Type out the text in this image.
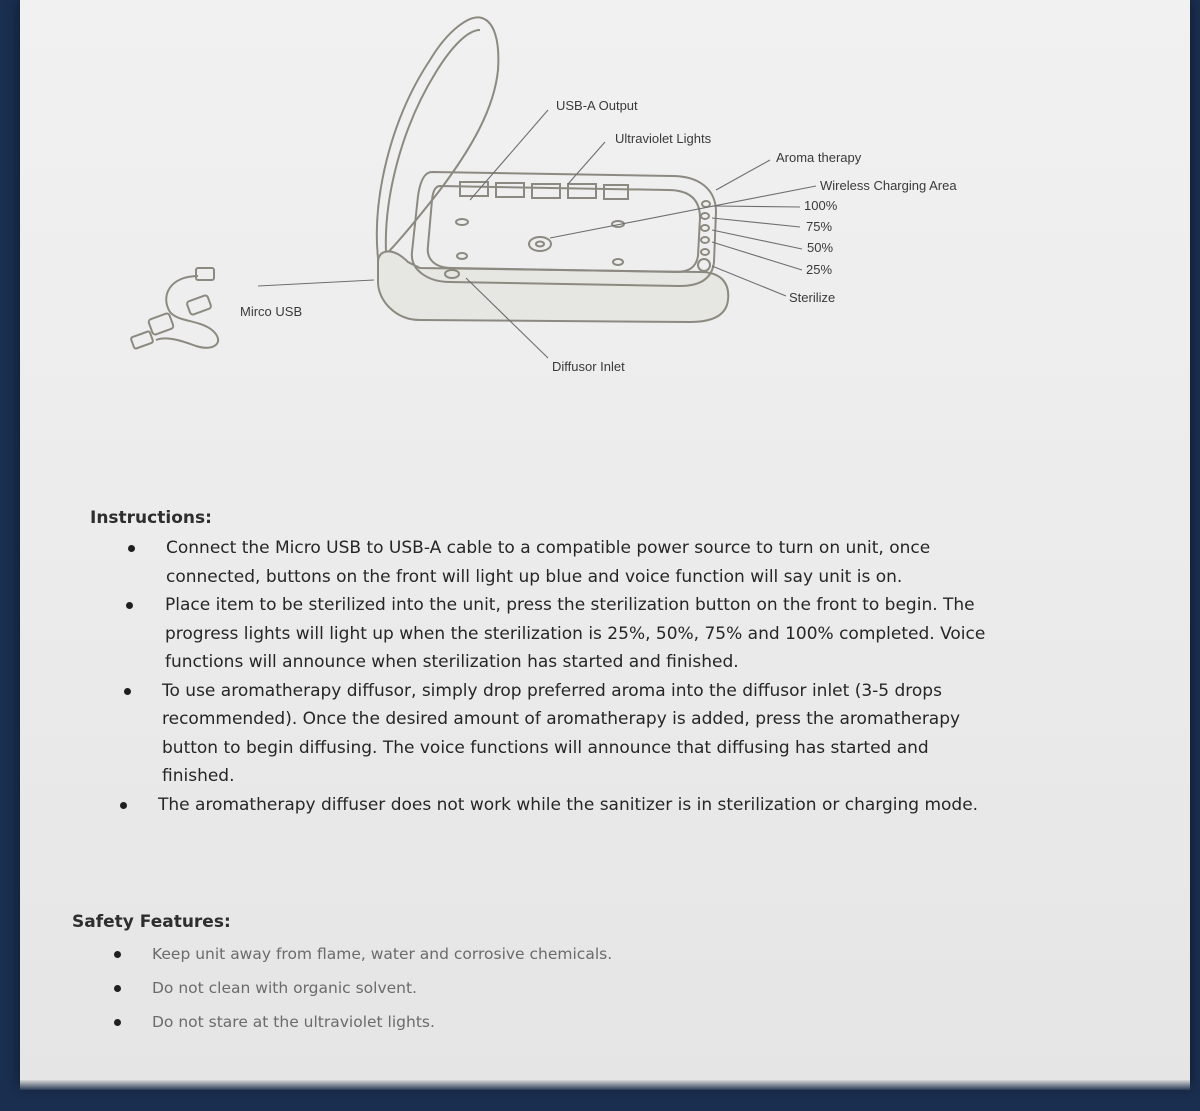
USB-A Output
Ultraviolet Lights
Aroma therapy
Wireless Charging Area
100%
75%
50%
25%
Sterilize
Mirco USB
Diffusor Inlet
Instructions:
Connect the Micro USB to USB-A cable to a compatible power source to turn on unit, once
connected, buttons on the front will light up blue and voice function will say unit is on.
Place item to be sterilized into the unit, press the sterilization button on the front to begin. The
progress lights will light up when the sterilization is 25%, 50%, 75% and 100% completed. Voice
functions will announce when sterilization has started and finished.
To use aromatherapy diffusor, simply drop preferred aroma into the diffusor inlet (3-5 drops
recommended). Once the desired amount of aromatherapy is added, press the aromatherapy
button to begin diffusing. The voice functions will announce that diffusing has started and
finished.
The aromatherapy diffuser does not work while the sanitizer is in sterilization or charging mode.
Safety Features:
Keep unit away from flame, water and corrosive chemicals.
Do not clean with organic solvent.
Do not stare at the ultraviolet lights.
